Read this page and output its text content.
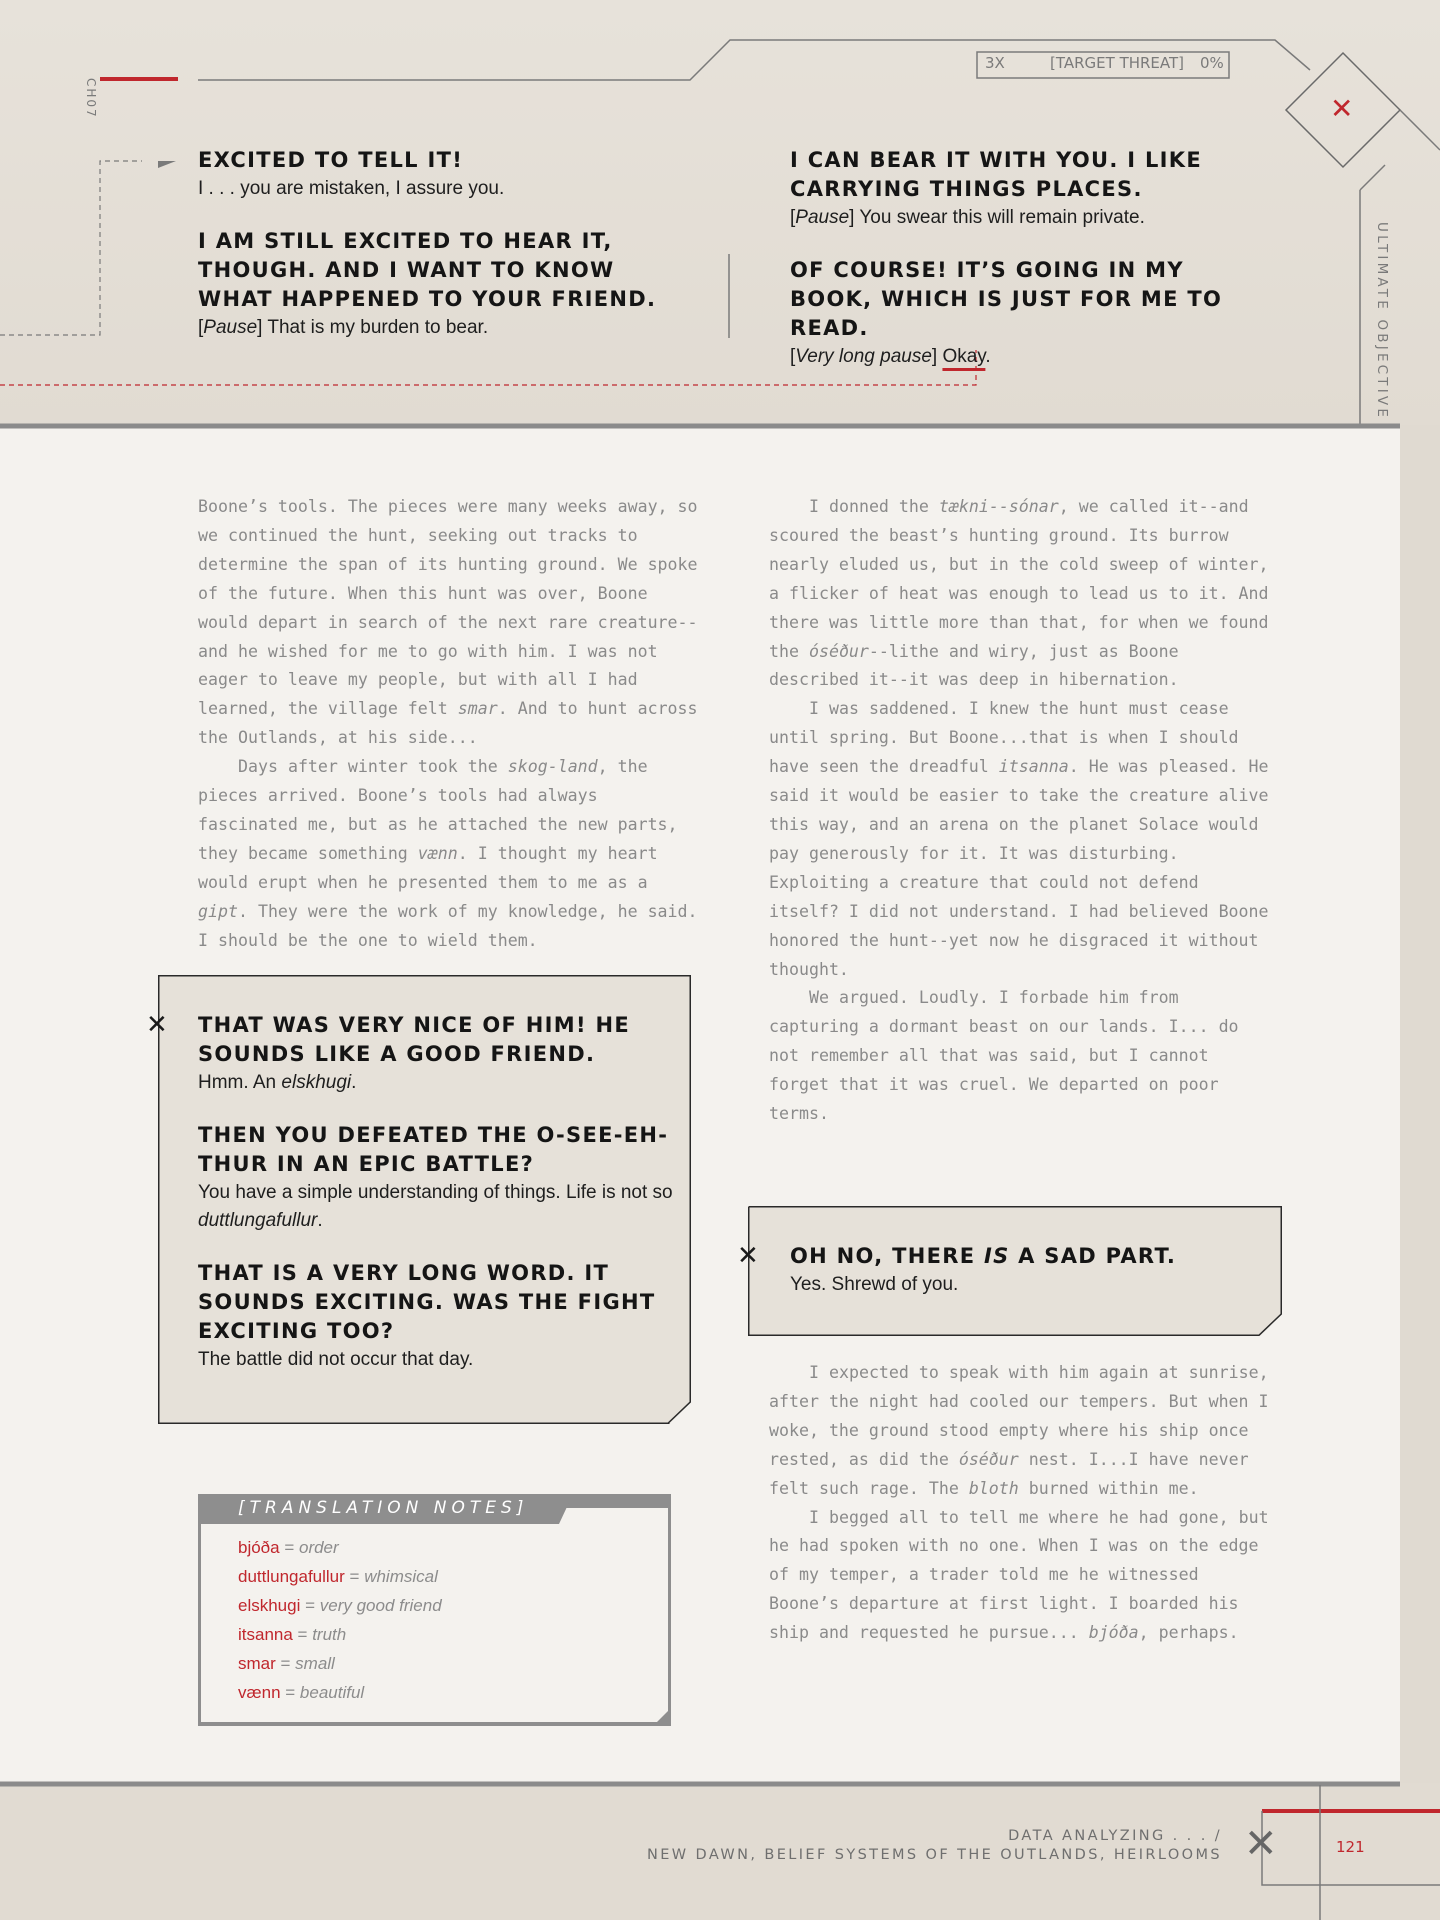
CH07
3X	[TARGET THREAT] 0%
✕
ULTIMATE OBJECTIVE

EXCITED TO TELL IT!

I . . . you are mistaken, I assure you.

I AM STILL EXCITED TO HEAR IT, THOUGH. AND I WANT TO KNOW WHAT HAPPENED TO YOUR FRIEND.

[Pause] That is my burden to bear.

I CAN BEAR IT WITH YOU. I LIKE CARRYING THINGS PLACES.

[Pause] You swear this will remain private.

OF COURSE! IT’S GOING IN MY BOOK, WHICH IS JUST FOR ME TO READ.

[Very long pause] Okay.

Boone’s tools. The pieces were many weeks away, so we continued the hunt, seeking out tracks to determine the span of its hunting ground. We spoke of the future. When this hunt was over, Boone would depart in search of the next rare creature--and he wished for me to go with him. I was not eager to leave my people, but with all I had learned, the village felt smar. And to hunt across the Outlands, at his side...

Days after winter took the skog-land, the pieces arrived. Boone’s tools had always fascinated me, but as he attached the new parts, they became something vænn. I thought my heart would erupt when he presented them to me as a gipt. They were the work of my knowledge, he said. I should be the one to wield them.

✕ THAT WAS VERY NICE OF HIM! HE SOUNDS LIKE A GOOD FRIEND.

Hmm. An elskhugi.

THEN YOU DEFEATED THE O-SEE-EH-THUR IN AN EPIC BATTLE?

You have a simple understanding of things. Life is not so duttlungafullur.

THAT IS A VERY LONG WORD. IT SOUNDS EXCITING. WAS THE FIGHT EXCITING TOO?

The battle did not occur that day.

[TRANSLATION NOTES]
bjóða = order
duttlungafullur = whimsical
elskhugi = very good friend
itsanna = truth
smar = small
vænn = beautiful

I donned the tækni--sónar, we called it--and scoured the beast’s hunting ground. Its burrow nearly eluded us, but in the cold sweep of winter, a flicker of heat was enough to lead us to it. And there was little more than that, for when we found the óséður--lithe and wiry, just as Boone described it--it was deep in hibernation.

I was saddened. I knew the hunt must cease until spring. But Boone...that is when I should have seen the dreadful itsanna. He was pleased. He said it would be easier to take the creature alive this way, and an arena on the planet Solace would pay generously for it. It was disturbing. Exploiting a creature that could not defend itself? I did not understand. I had believed Boone honored the hunt--yet now he disgraced it without thought.

We argued. Loudly. I forbade him from capturing a dormant beast on our lands. I... do not remember all that was said, but I cannot forget that it was cruel. We departed on poor terms.

✕ OH NO, THERE IS A SAD PART.

Yes. Shrewd of you.

I expected to speak with him again at sunrise, after the night had cooled our tempers. But when I woke, the ground stood empty where his ship once rested, as did the óséður nest. I...I have never felt such rage. The bloth burned within me.

I begged all to tell me where he had gone, but he had spoken with no one. When I was on the edge of my temper, a trader told me he witnessed Boone’s departure at first light. I boarded his ship and requested he pursue... bjóða, perhaps.

DATA ANALYZING . . . /
NEW DAWN, BELIEF SYSTEMS OF THE OUTLANDS, HEIRLOOMS ✕	121
